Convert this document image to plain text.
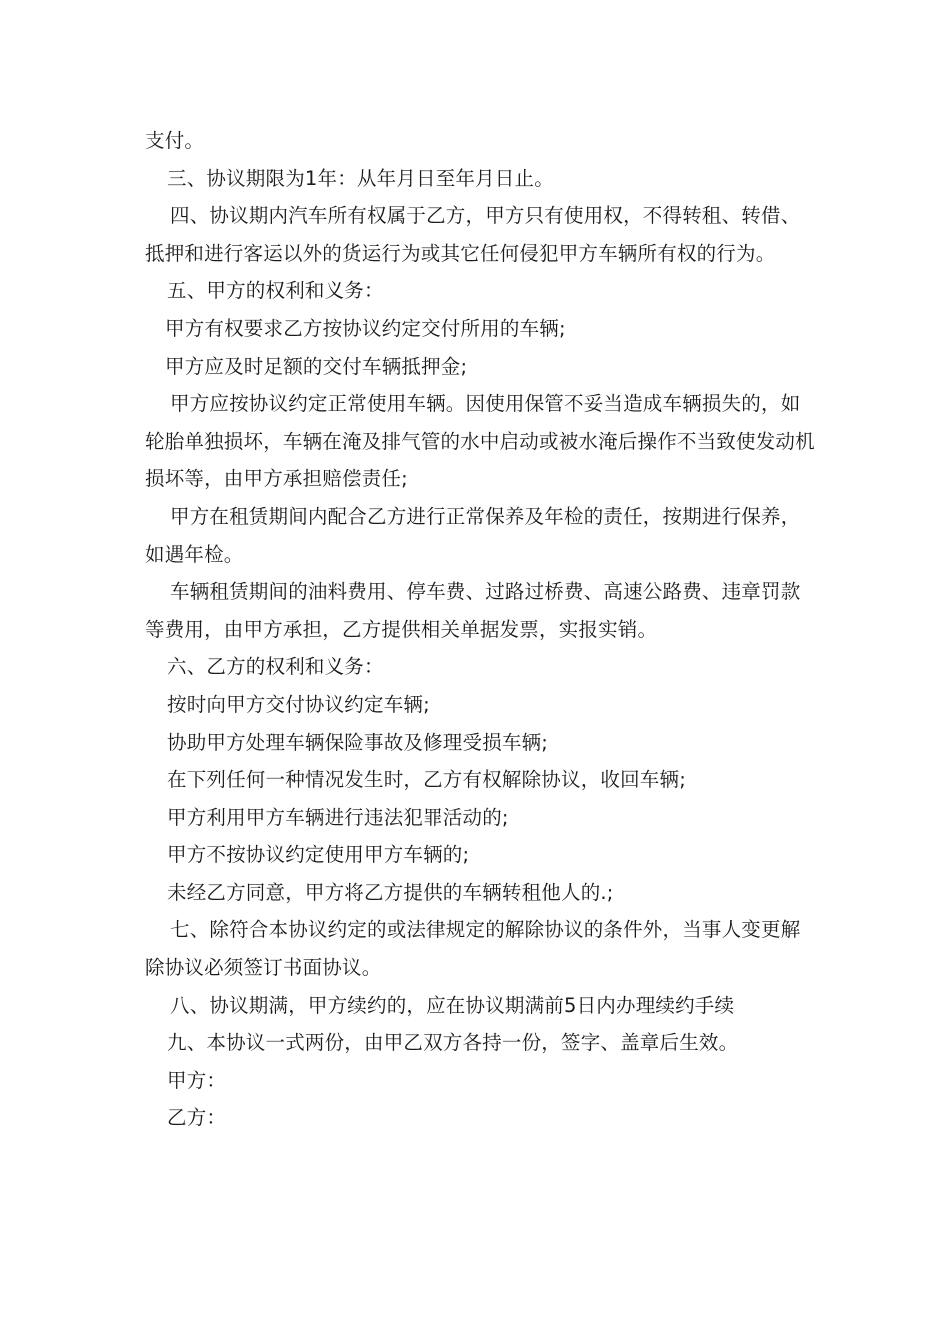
支付。

三、协议期限为1年：从年月日至年月日止。

四、协议期内汽车所有权属于乙方，甲方只有使用权，不得转租、转借、抵押和进行客运以外的货运行为或其它任何侵犯甲方车辆所有权的行为。

五、甲方的权利和义务：

甲方有权要求乙方按协议约定交付所用的车辆;

甲方应及时足额的交付车辆抵押金;

甲方应按协议约定正常使用车辆。因使用保管不妥当造成车辆损失的，如轮胎单独损坏，车辆在淹及排气管的水中启动或被水淹后操作不当致使发动机损坏等，由甲方承担赔偿责任;

甲方在租赁期间内配合乙方进行正常保养及年检的责任，按期进行保养，如遇年检。

车辆租赁期间的油料费用、停车费、过路过桥费、高速公路费、违章罚款等费用，由甲方承担，乙方提供相关单据发票，实报实销。

六、乙方的权利和义务：

按时向甲方交付协议约定车辆;

协助甲方处理车辆保险事故及修理受损车辆;

在下列任何一种情况发生时，乙方有权解除协议，收回车辆;

甲方利用甲方车辆进行违法犯罪活动的;

甲方不按协议约定使用甲方车辆的;

未经乙方同意，甲方将乙方提供的车辆转租他人的.;

七、除符合本协议约定的或法律规定的解除协议的条件外，当事人变更解除协议必须签订书面协议。

八、协议期满，甲方续约的，应在协议期满前5日内办理续约手续

九、本协议一式两份，由甲乙双方各持一份，签字、盖章后生效。

甲方：

乙方：
